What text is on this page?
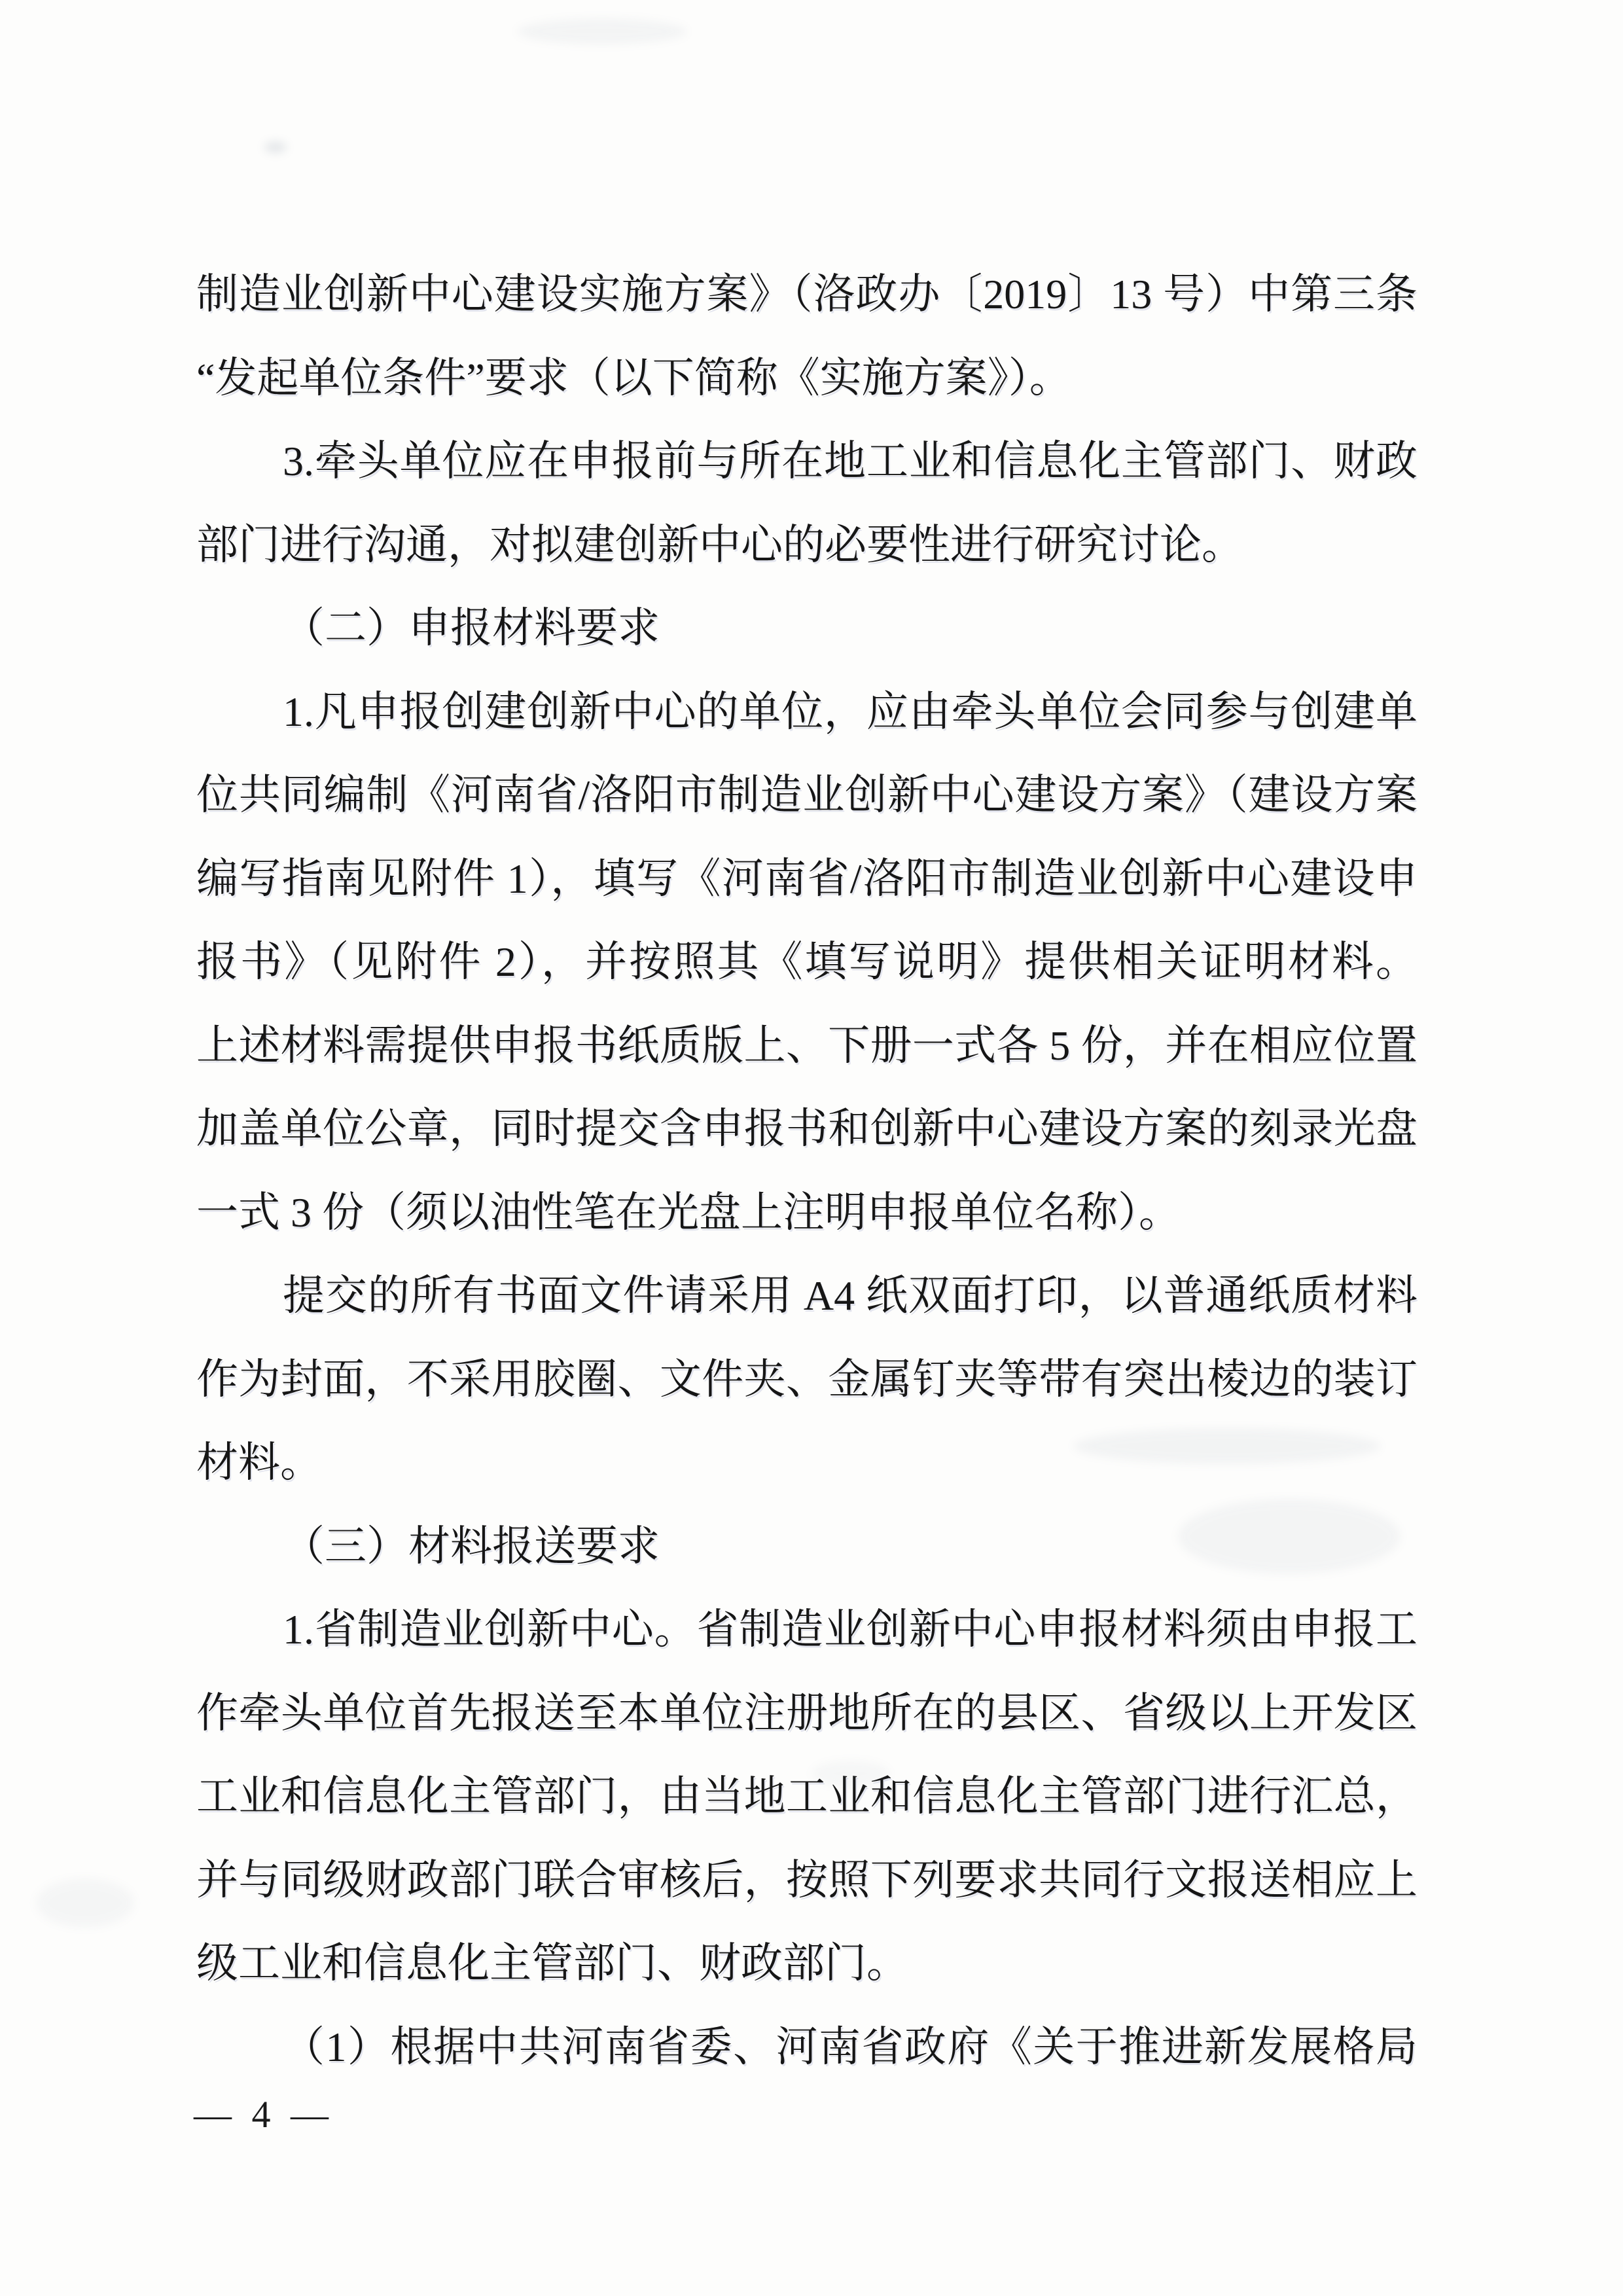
制造业创新中心建设实施方案》（洛政办〔2019〕13 号）中第三条
“发起单位条件”要求（以下简称《实施方案》）。
3.牵头单位应在申报前与所在地工业和信息化主管部门、财政
部门进行沟通，对拟建创新中心的必要性进行研究讨论。
（二）申报材料要求
1.凡申报创建创新中心的单位，应由牵头单位会同参与创建单
位共同编制《河南省/洛阳市制造业创新中心建设方案》（建设方案
编写指南见附件 1），填写《河南省/洛阳市制造业创新中心建设申
报书》（见附件 2），并按照其《填写说明》提供相关证明材料。
上述材料需提供申报书纸质版上、下册一式各 5 份，并在相应位置
加盖单位公章，同时提交含申报书和创新中心建设方案的刻录光盘
一式 3 份（须以油性笔在光盘上注明申报单位名称）。
提交的所有书面文件请采用 A4 纸双面打印，以普通纸质材料
作为封面，不采用胶圈、文件夹、金属钉夹等带有突出棱边的装订
材料。
（三）材料报送要求
1.省制造业创新中心。省制造业创新中心申报材料须由申报工
作牵头单位首先报送至本单位注册地所在的县区、省级以上开发区
工业和信息化主管部门，由当地工业和信息化主管部门进行汇总，
并与同级财政部门联合审核后，按照下列要求共同行文报送相应上
级工业和信息化主管部门、财政部门。
（1）根据中共河南省委、河南省政府《关于推进新发展格局
— 4 —
